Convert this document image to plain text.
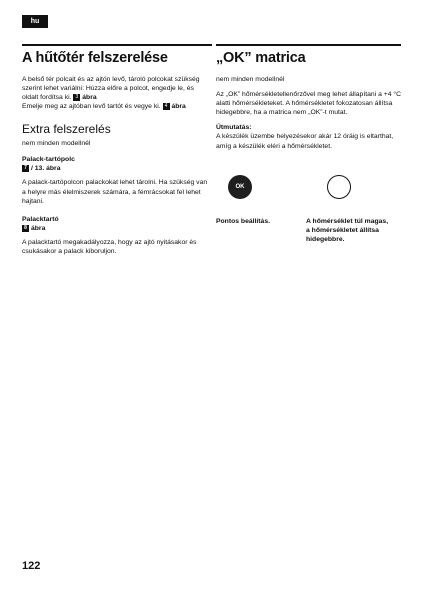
hu
A hűtőtér felszerelése

A belső tér polcait és az ajtón levő, tároló polcokat szükség szerint lehet variálni: Húzza előre a polcot, engedje le, és oldalt fordítsa ki. 3 ábra
Emelje meg az ajtóban levő tartót és vegye ki. 4 ábra

Extra felszerelés

nem minden modellnél

Palack-tartópolc
7 / 13. ábra

A palack-tartópolcon palackokat lehet tárolni. Ha szükség van a helyre más élelmiszerek számára, a fémrácsokat fel lehet hajtani.

Palacktartó
8 ábra

A palacktartó megakadályozza, hogy az ajtó nyitásakor és csukásakor a palack kiboruljon.

„OK” matrica

nem minden modellnél

Az „OK” hőmérsékletellenőrzővel meg lehet állapítani a +4 °C alatti hőmérsékleteket. A hőmérsékletet fokozatosan állítsa hidegebbre, ha a matrica nem „OK”-t mutat.

Útmutatás:

A készülék üzembe helyezésekor akár 12 óráig is eltarthat, amíg a készülék eléri a hőmérsékletet.

OK
Pontos beállítás.	A hőmérséklet túl magas, a hőmérsékletet állítsa hidegebbre.
122
